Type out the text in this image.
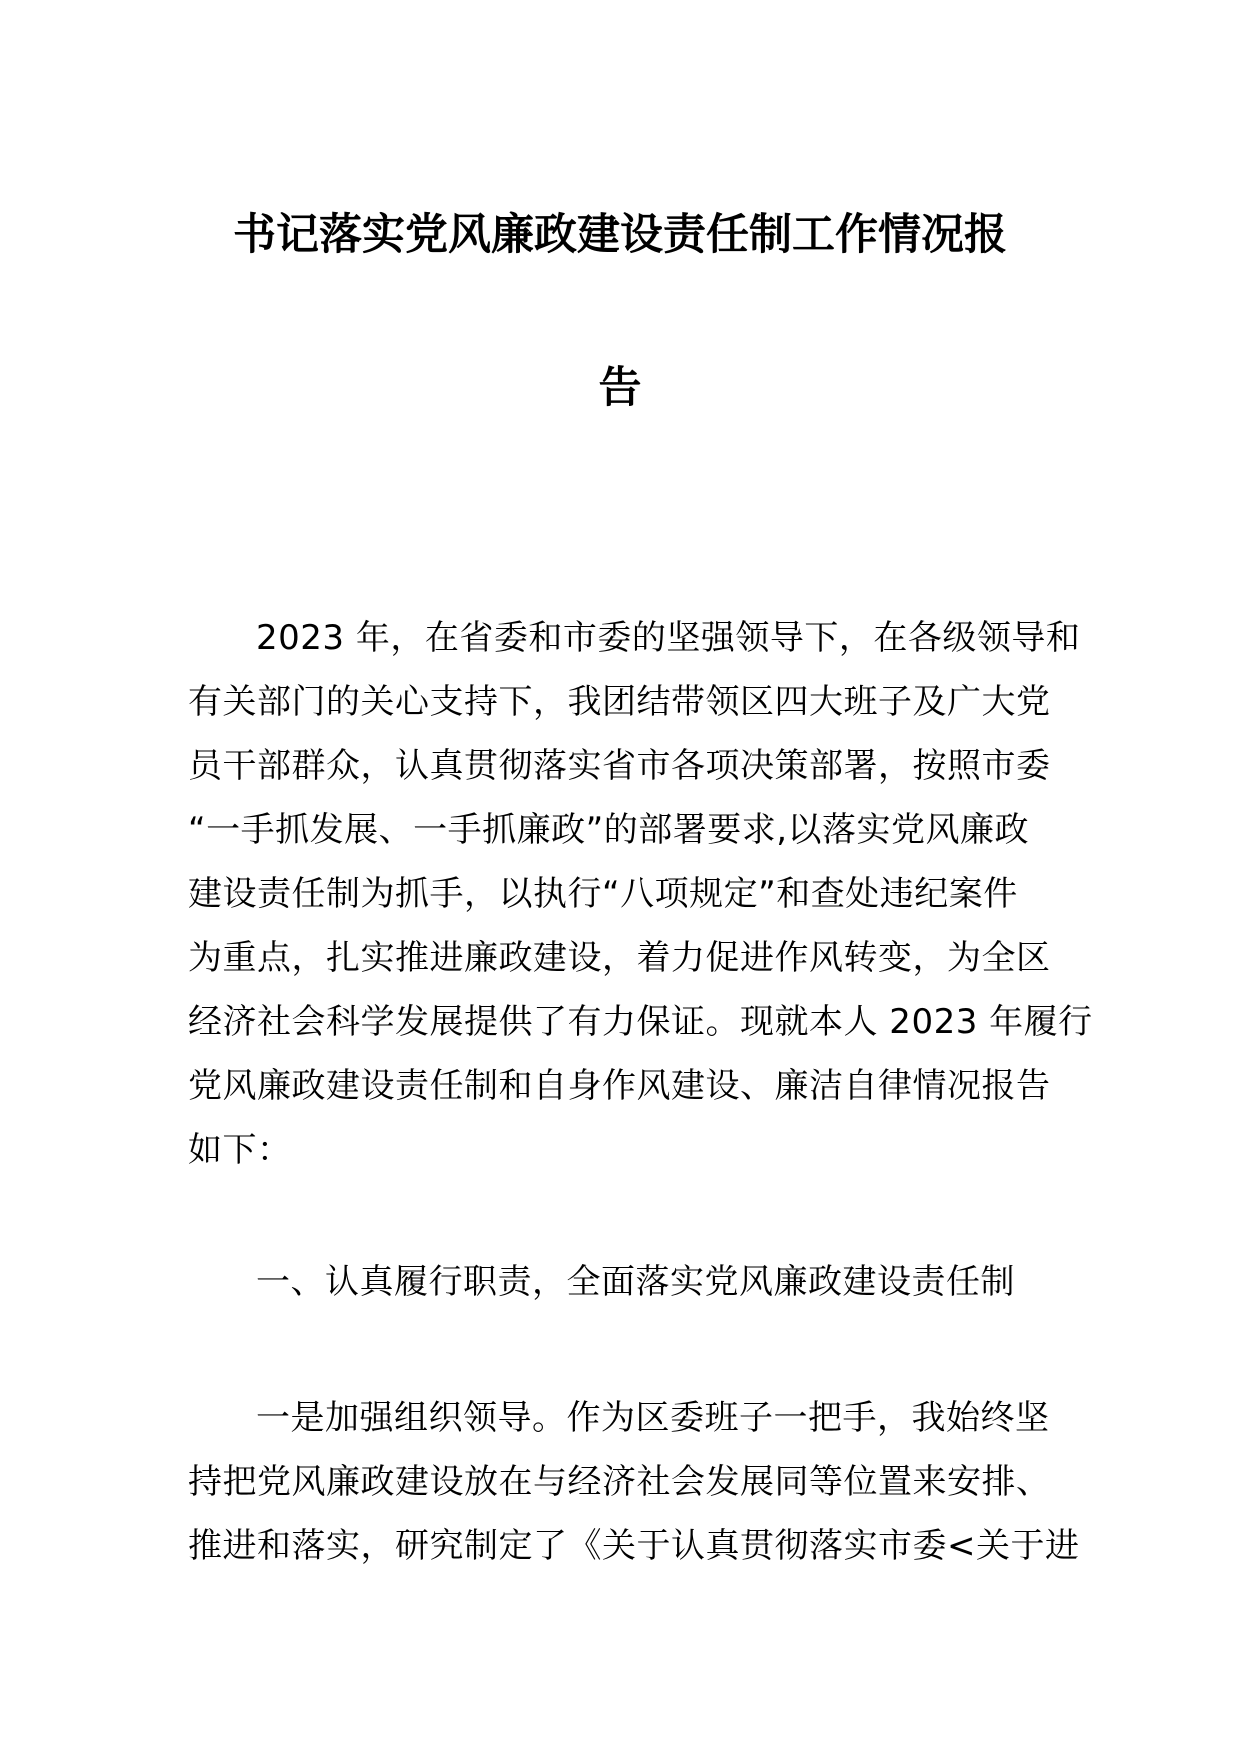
书记落实党风廉政建设责任制工作情况报
告
2023 年，在省委和市委的坚强领导下，在各级领导和
有关部门的关心支持下，我团结带领区四大班子及广大党
员干部群众，认真贯彻落实省市各项决策部署，按照市委
“一手抓发展、一手抓廉政”的部署要求,以落实党风廉政
建设责任制为抓手，以执行“八项规定”和查处违纪案件
为重点，扎实推进廉政建设，着力促进作风转变，为全区
经济社会科学发展提供了有力保证。现就本人 2023 年履行
党风廉政建设责任制和自身作风建设、廉洁自律情况报告
如下：
一、认真履行职责，全面落实党风廉政建设责任制
一是加强组织领导。作为区委班子一把手，我始终坚
持把党风廉政建设放在与经济社会发展同等位置来安排、
推进和落实，研究制定了《关于认真贯彻落实市委<关于进
